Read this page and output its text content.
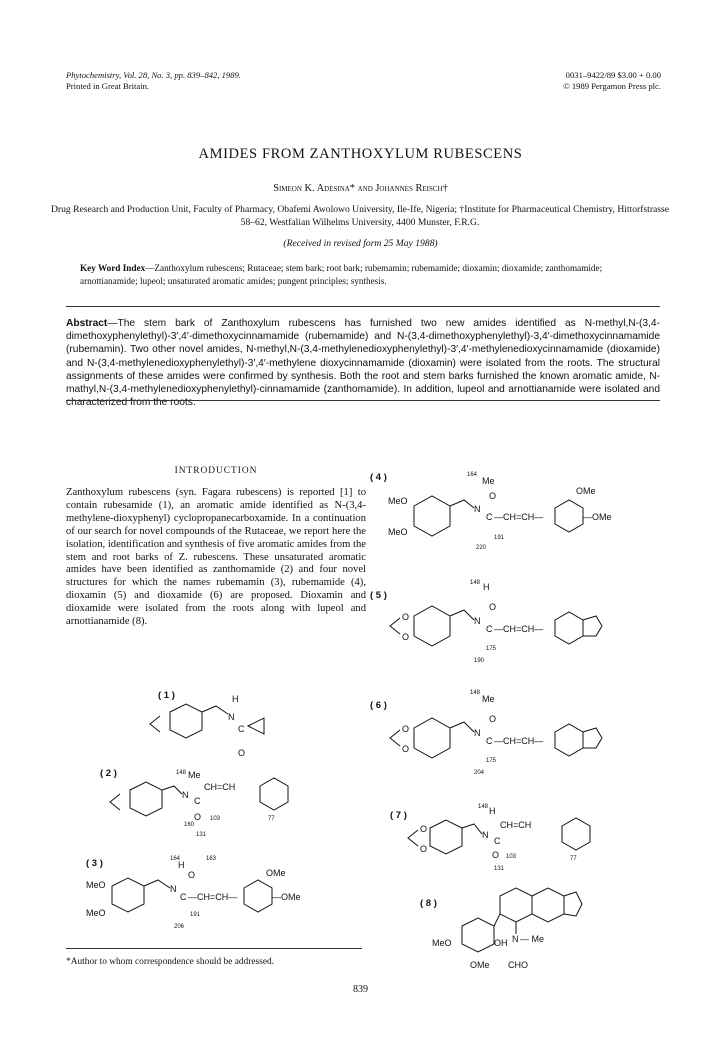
Phytochemistry, Vol. 28, No. 3, pp. 839–842, 1989.
Printed in Great Britain.
0031–9422/89 $3.00 + 0.00
© 1989 Pergamon Press plc.
AMIDES FROM ZANTHOXYLUM RUBESCENS
Simeon K. Adesina* and Johannes Reisch†
Drug Research and Production Unit, Faculty of Pharmacy, Obafemi Awolowo University, Ile-Ife, Nigeria; †Institute for Pharmaceutical Chemistry, Hittorfstrasse 58–62, Westfalian Wilhelms University, 4400 Munster, F.R.G.
(Received in revised form 25 May 1988)
Key Word Index—Zanthoxylum rubescens; Rutaceae; stem bark; root bark; rubemamin; rubemamide; dioxamin; dioxamide; zanthomamide; arnottianamide; lupeol; unsaturated aromatic amides; pungent principles; synthesis.
Abstract—The stem bark of Zanthoxylum rubescens has furnished two new amides identified as N-methyl,N-(3,4-dimethoxyphenylethyl)-3′,4′-dimethoxycinnamamide (rubemamide) and N-(3,4-dimethoxyphenylethyl)-3,4′-dimethoxycinnamamide (rubemamin). Two other novel amides, N-methyl,N-(3,4-methylenedioxyphenylethyl)-3′,4′-methylenedioxycinnamamide (dioxamide) and N-(3,4-methylenedioxyphenylethyl)-3′,4′-methylene dioxycinnamamide (dioxamin) were isolated from the roots. The structural assignments of these amides were confirmed by synthesis. Both the root and stem barks furnished the known aromatic amide, N-mathyl,N-(3,4-methylenedioxyphenylethyl)-cinnamamide (zanthomamide). In addition, lupeol and arnottianamide were isolated and characterized from the roots.
INTRODUCTION
Zanthoxylum rubescens (syn. Fagara rubescens) is reported [1] to contain rubesamide (1), an aromatic amide identified as N-(3,4-methylene-dioxyphenyl) cyclopropanecarboxamide. In a continuation of our search for novel compounds of the Rutaceae, we report here the isolation, identification and synthesis of five aromatic amides from the stem and root barks of Z. rubescens. These unsaturated aromatic amides have been identified as zanthomamide (2) and four novel structures for which the names rubemamin (3), rubemamide (4), dioxamin (5) and dioxamide (6) are proposed. Dioxamin and dioxamide were isolated from the roots along with lupeol and arnottianamide (8).
( 4 )	164
Me
MeO
MeO
N
O
C —CH=CH—
OMe
—OMe
191
220
( 5 )
148 H
O
O
N
O
C —CH=CH—
175
190
( 6 )
148
Me
O
O
N
O
C —CH=CH—
175
204
( 7 )
148 H
O
O
N
C
CH=CH
O 103	77
131
( 8 )
MeO	OH
OMe
N — Me
CHO
( 1 )	H
N
C
O
( 2 )	148 Me
N
C
CH=CH
O
160
103	77
131
( 3 )	164	163
H
MeO
MeO
N
O
C —CH=CH—
OMe
—OMe
191
206
*Author to whom correspondence should be addressed.
839
